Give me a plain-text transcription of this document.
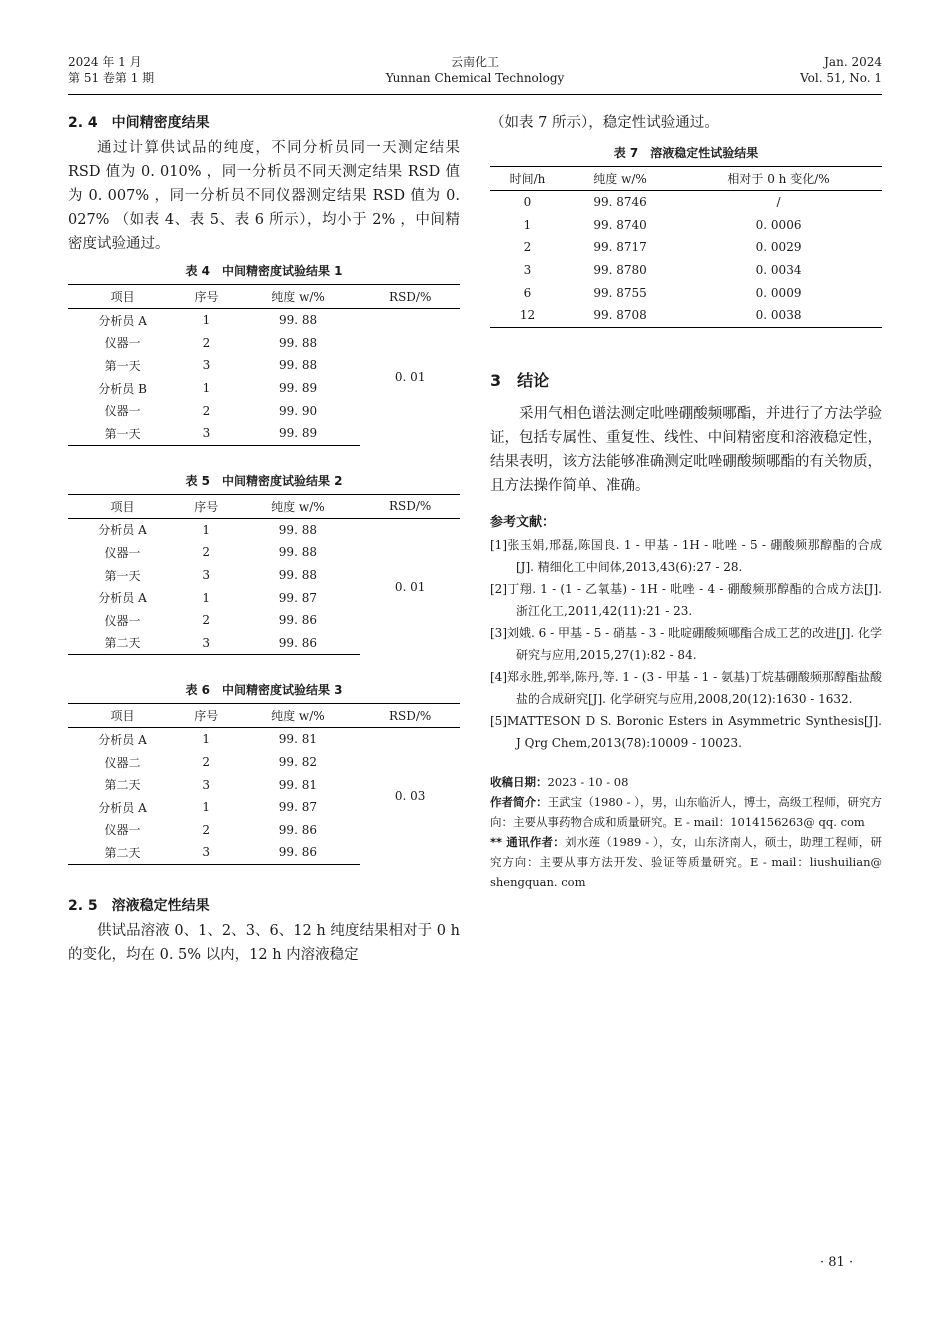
2024 年 1 月
第 51 卷第 1 期
云南化工
Yunnan Chemical Technology
Jan. 2024
Vol. 51, No. 1
2. 4　中间精密度结果

通过计算供试品的纯度，不同分析员同一天测定结果 RSD 值为 0. 010% ，同一分析员不同天测定结果 RSD 值为 0. 007% ，同一分析员不同仪器测定结果 RSD 值为 0. 027% （如表 4、表 5、表 6 所示），均小于 2% ，中间精密度试验通过。

表 4　中间精密度试验结果 1
项目	序号	纯度 w/%	RSD/%
分析员 A	1	99. 88	0. 01
仪器一	2	99. 88	
第一天	3	99. 88	
分析员 B	1	99. 89	
仪器一	2	99. 90	
第一天	3	99. 89	
表 5　中间精密度试验结果 2
项目	序号	纯度 w/%	RSD/%
分析员 A	1	99. 88	0. 01
仪器一	2	99. 88	
第一天	3	99. 88	
分析员 A	1	99. 87	
仪器一	2	99. 86	
第二天	3	99. 86	
表 6　中间精密度试验结果 3
项目	序号	纯度 w/%	RSD/%
分析员 A	1	99. 81	0. 03
仪器二	2	99. 82	
第二天	3	99. 81	
分析员 A	1	99. 87	
仪器一	2	99. 86	
第二天	3	99. 86	
2. 5　溶液稳定性结果

供试品溶液 0、1、2、3、6、12 h 纯度结果相对于 0 h 的变化，均在 0. 5% 以内，12 h 内溶液稳定

（如表 7 所示），稳定性试验通过。

表 7　溶液稳定性试验结果
时间/h	纯度 w/%	相对于 0 h 变化/%
0	99. 8746	/
1	99. 8740	0. 0006
2	99. 8717	0. 0029
3	99. 8780	0. 0034
6	99. 8755	0. 0009
12	99. 8708	0. 0038
3　结论

采用气相色谱法测定吡唑硼酸频哪酯，并进行了方法学验证，包括专属性、重复性、线性、中间精密度和溶液稳定性，结果表明，该方法能够准确测定吡唑硼酸频哪酯的有关物质，且方法操作简单、准确。

参考文献：
[1]张玉娟,邢磊,陈国良. 1 - 甲基 - 1H - 吡唑 - 5 - 硼酸频那醇酯的合成[J]. 精细化工中间体,2013,43(6):27 - 28.
[2]丁翔. 1 - (1 - 乙氧基) - 1H - 吡唑 - 4 - 硼酸频那醇酯的合成方法[J]. 浙江化工,2011,42(11):21 - 23.
[3]刘娥. 6 - 甲基 - 5 - 硝基 - 3 - 吡啶硼酸频哪酯合成工艺的改进[J]. 化学研究与应用,2015,27(1):82 - 84.
[4]郑永胜,郭举,陈丹,等. 1 - (3 - 甲基 - 1 - 氨基)丁烷基硼酸频那醇酯盐酸盐的合成研究[J]. 化学研究与应用,2008,20(12):1630 - 1632.
[5]MATTESON D S. Boronic Esters in Asymmetric Synthesis[J]. J Qrg Chem,2013(78):10009 - 10023.
收稿日期：2023 - 10 - 08
作者简介：王武宝（1980 - ），男，山东临沂人，博士，高级工程师，研究方向：主要从事药物合成和质量研究。E - mail：1014156263@ qq. com
** 通讯作者：刘水莲（1989 - ），女，山东济南人，硕士，助理工程师，研究方向：主要从事方法开发、验证等质量研究。E - mail：liushuilian@ shengquan. com
· 81 ·
